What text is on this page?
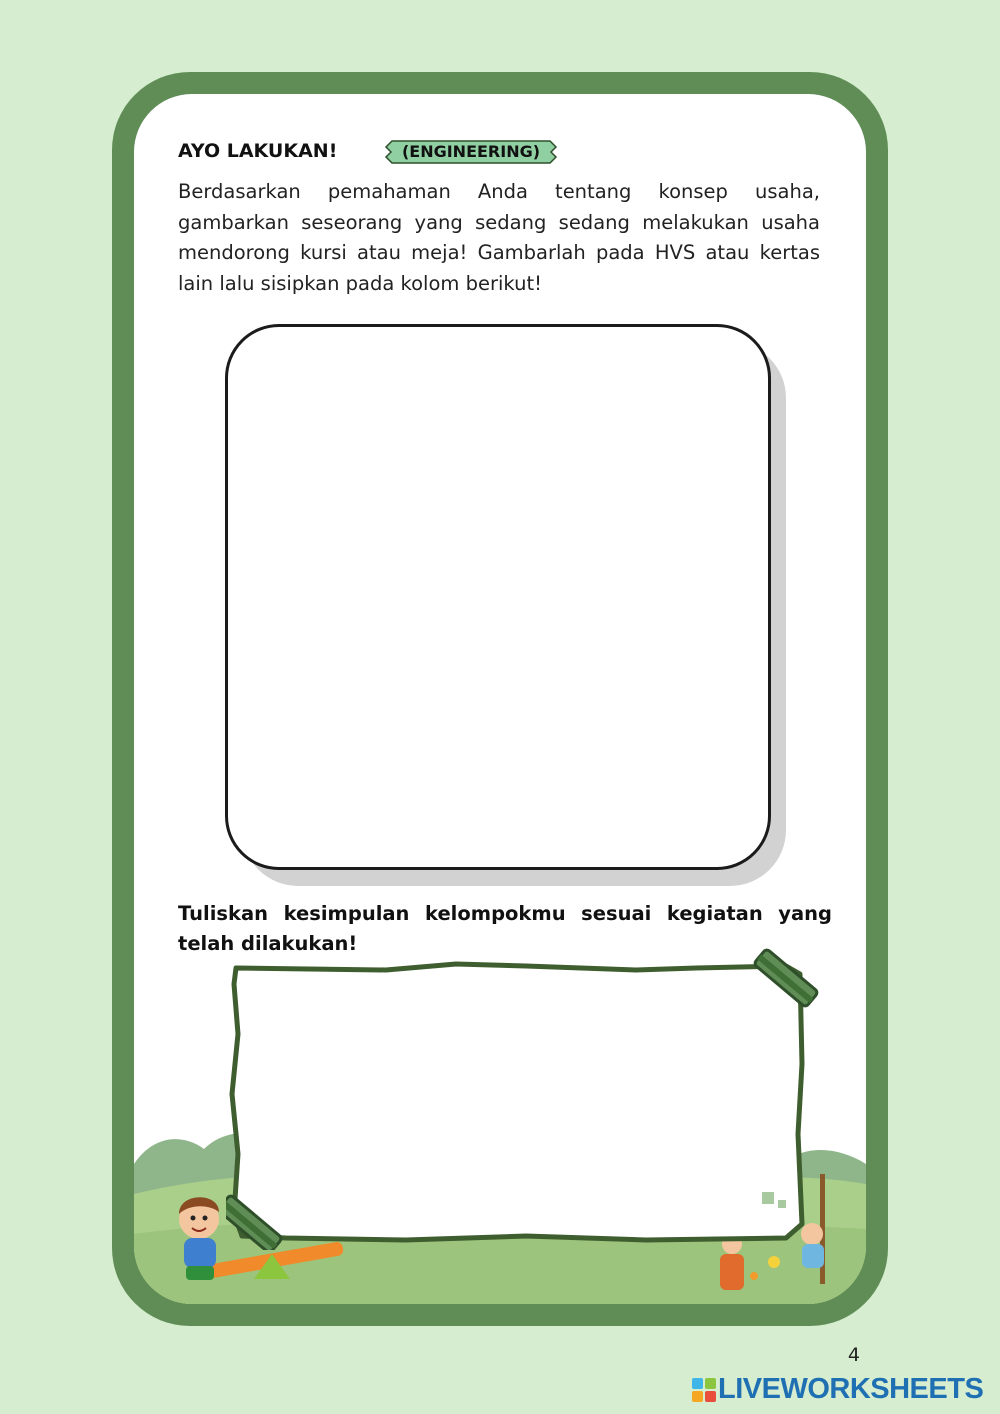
AYO LAKUKAN!	(ENGINEERING)
Berdasarkan pemahaman Anda tentang konsep usaha, gambarkan seseorang yang sedang sedang melakukan usaha mendorong kursi atau meja! Gambarlah pada HVS atau kertas lain lalu sisipkan pada kolom berikut!
Tuliskan kesimpulan kelompokmu sesuai kegiatan yang telah dilakukan!
4
LIVEWORKSHEETS
